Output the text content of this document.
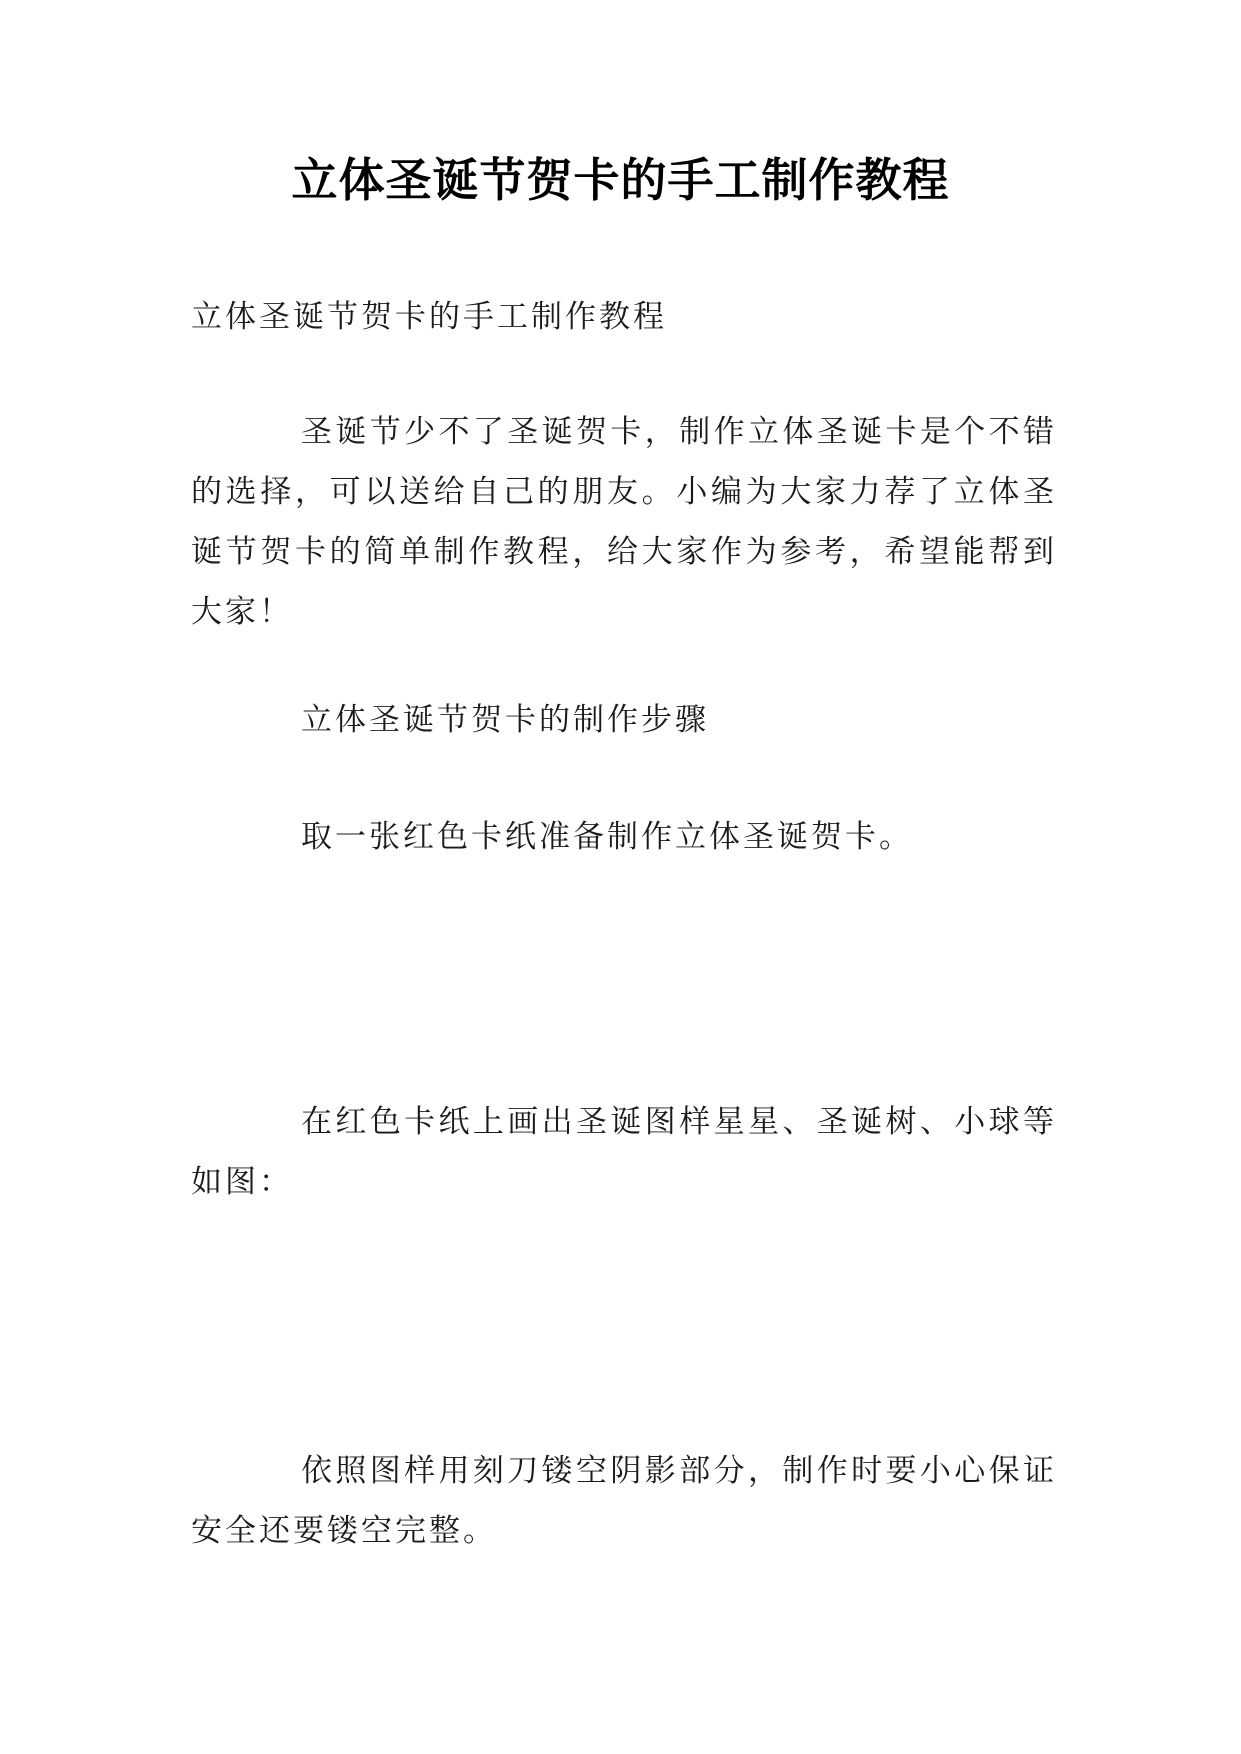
立体圣诞节贺卡的手工制作教程

立体圣诞节贺卡的手工制作教程

圣诞节少不了圣诞贺卡，制作立体圣诞卡是个不错的选择，可以送给自己的朋友。小编为大家力荐了立体圣诞节贺卡的简单制作教程，给大家作为参考，希望能帮到大家！

立体圣诞节贺卡的制作步骤

取一张红色卡纸准备制作立体圣诞贺卡。

在红色卡纸上画出圣诞图样星星、圣诞树、小球等如图：

依照图样用刻刀镂空阴影部分，制作时要小心保证安全还要镂空完整。
